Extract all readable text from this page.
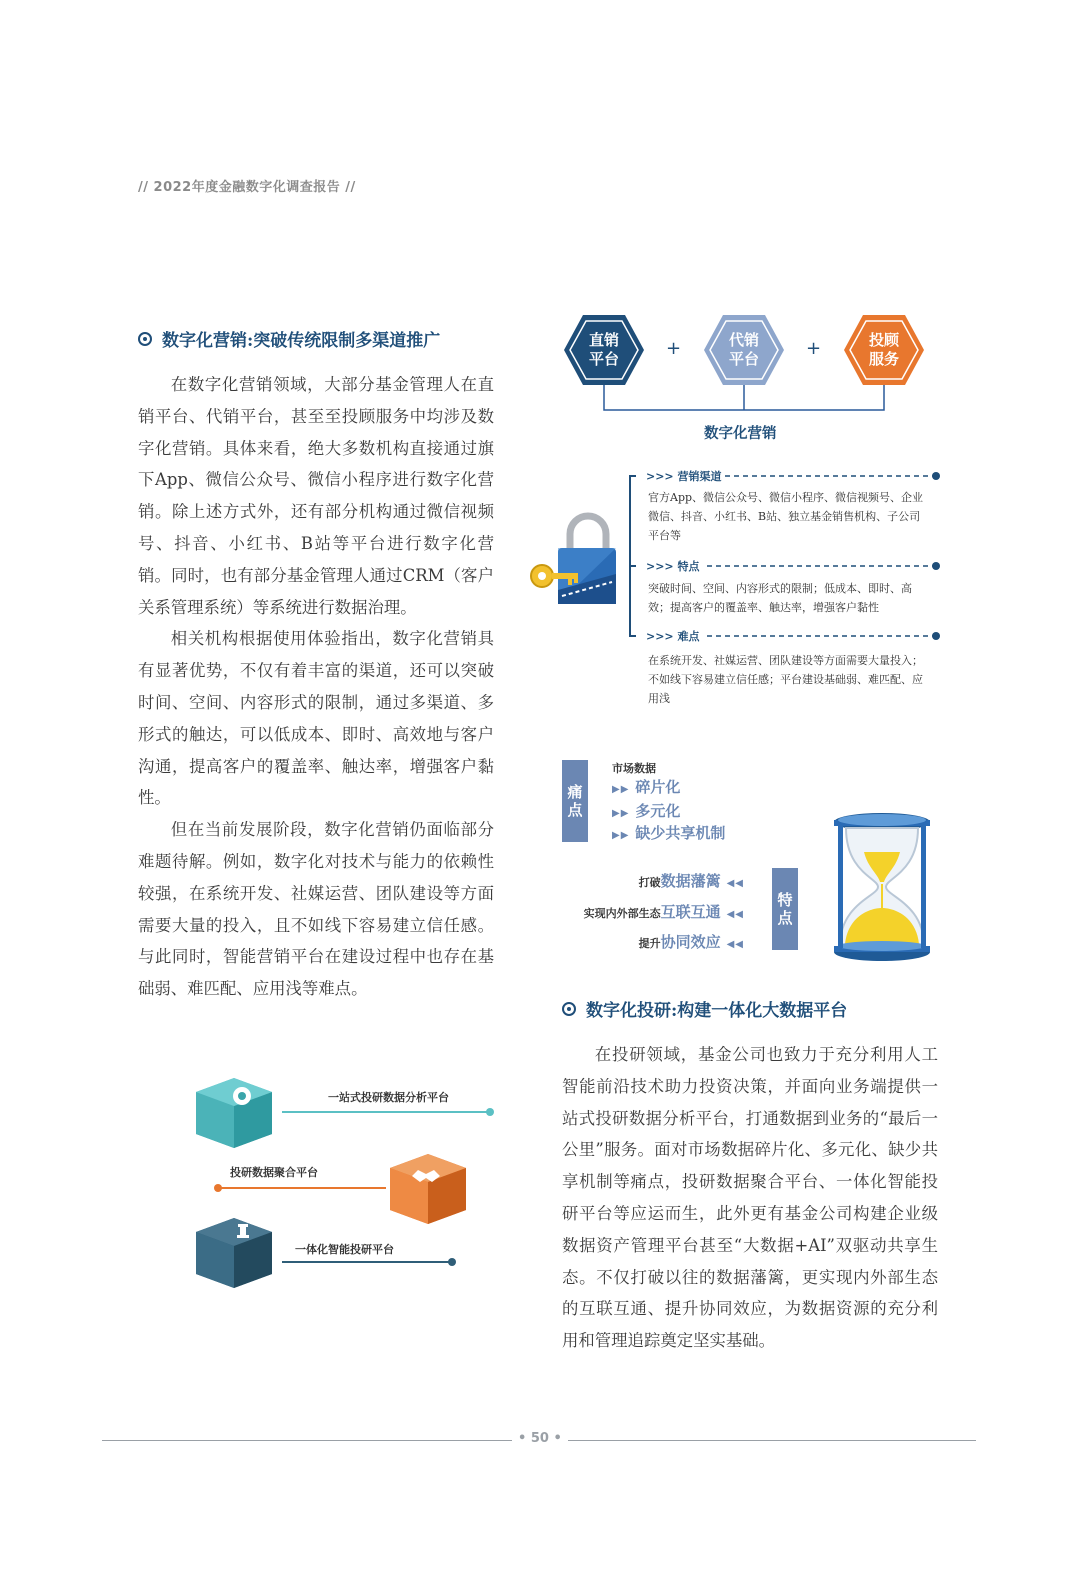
// 2022年度金融数字化调查报告 //
数字化营销:突破传统限制多渠道推广

在数字化营销领域，大部分基金管理人在直销平台、代销平台，甚至至投顾服务中均涉及数字化营销。具体来看，绝大多数机构直接通过旗下App、微信公众号、微信小程序进行数字化营销。除上述方式外，还有部分机构通过微信视频号、抖音、小红书、B站等平台进行数字化营销。同时，也有部分基金管理人通过CRM（客户关系管理系统）等系统进行数据治理。

相关机构根据使用体验指出，数字化营销具有显著优势，不仅有着丰富的渠道，还可以突破时间、空间、内容形式的限制，通过多渠道、多形式的触达，可以低成本、即时、高效地与客户沟通，提高客户的覆盖率、触达率，增强客户黏性。

但在当前发展阶段，数字化营销仍面临部分难题待解。例如，数字化对技术与能力的依赖性较强，在系统开发、社媒运营、团队建设等方面需要大量的投入，且不如线下容易建立信任感。与此同时，智能营销平台在建设过程中也存在基础弱、难匹配、应用浅等难点。

直销
平台	+	代销
平台	+	投顾
服务
数字化营销
>>> 营销渠道
官方App、微信公众号、微信小程序、微信视频号、企业微信、抖音、小红书、B站、独立基金销售机构、子公司平台等
>>> 特点
突破时间、空间、内容形式的限制；低成本、即时、高效；提高客户的覆盖率、触达率，增强客户黏性
>>> 难点
在系统开发、社媒运营、团队建设等方面需要大量投入；不如线下容易建立信任感；平台建设基础弱、难匹配、应用浅
痛
点
市场数据
▶▶ 碎片化
▶▶ 多元化
▶▶ 缺少共享机制
打破数据藩篱 ◀◀
实现内外部生态互联互通 ◀◀
提升协同效应 ◀◀
特
点
数字化投研:构建一体化大数据平台

在投研领域，基金公司也致力于充分利用人工智能前沿技术助力投资决策，并面向业务端提供一站式投研数据分析平台，打通数据到业务的“最后一公里”服务。面对市场数据碎片化、多元化、缺少共享机制等痛点，投研数据聚合平台、一体化智能投研平台等应运而生，此外更有基金公司构建企业级数据资产管理平台甚至“大数据+AI”双驱动共享生态。不仅打破以往的数据藩篱，更实现内外部生态的互联互通、提升协同效应，为数据资源的充分利用和管理追踪奠定坚实基础。

一站式投研数据分析平台
投研数据聚合平台
一体化智能投研平台
• 50 •
